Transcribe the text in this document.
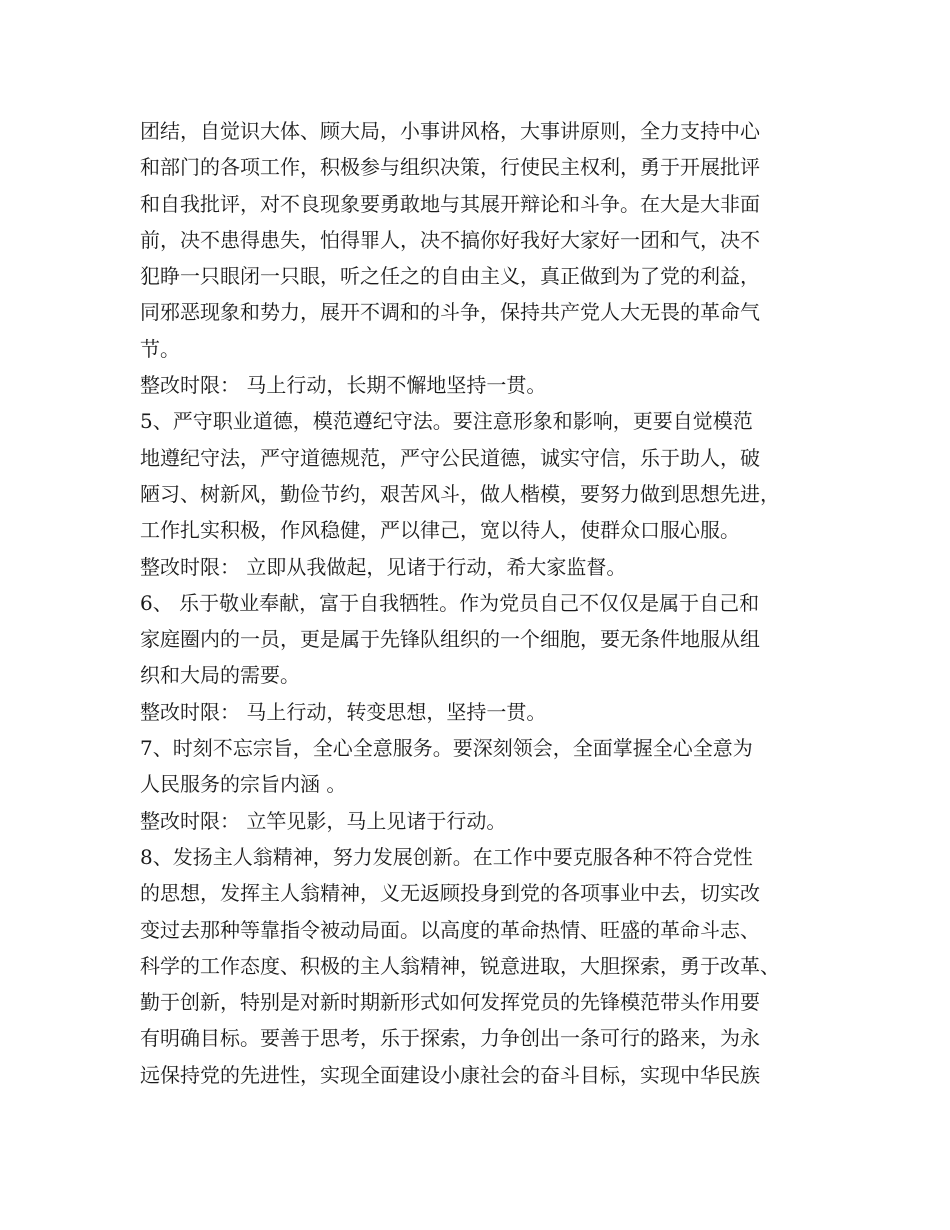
团结，自觉识大体、顾大局，小事讲风格，大事讲原则，全力支持中心
和部门的各项工作，积极参与组织决策，行使民主权利，勇于开展批评
和自我批评，对不良现象要勇敢地与其展开辩论和斗争。在大是大非面
前，决不患得患失，怕得罪人，决不搞你好我好大家好一团和气，决不
犯睁一只眼闭一只眼，听之任之的自由主义，真正做到为了党的利益，
同邪恶现象和势力，展开不调和的斗争，保持共产党人大无畏的革命气
节。
整改时限： 马上行动，长期不懈地坚持一贯。
5、严守职业道德，模范遵纪守法。要注意形象和影响，更要自觉模范
地遵纪守法，严守道德规范，严守公民道德，诚实守信，乐于助人，破
陋习、树新风，勤俭节约，艰苦风斗，做人楷模，要努力做到思想先进，
工作扎实积极，作风稳健，严以律己，宽以待人，使群众口服心服。
整改时限： 立即从我做起，见诸于行动，希大家监督。
6、 乐于敬业奉献，富于自我牺牲。作为党员自己不仅仅是属于自己和
家庭圈内的一员，更是属于先锋队组织的一个细胞，要无条件地服从组
织和大局的需要。
整改时限： 马上行动，转变思想，坚持一贯。
7、时刻不忘宗旨，全心全意服务。要深刻领会，全面掌握全心全意为
人民服务的宗旨内涵 。
整改时限： 立竿见影，马上见诸于行动。
8、发扬主人翁精神，努力发展创新。在工作中要克服各种不符合党性
的思想，发挥主人翁精神，义无返顾投身到党的各项事业中去，切实改
变过去那种等靠指令被动局面。以高度的革命热情、旺盛的革命斗志、
科学的工作态度、积极的主人翁精神，锐意进取，大胆探索，勇于改革、
勤于创新，特别是对新时期新形式如何发挥党员的先锋模范带头作用要
有明确目标。要善于思考，乐于探索，力争创出一条可行的路来，为永
远保持党的先进性，实现全面建设小康社会的奋斗目标，实现中华民族
